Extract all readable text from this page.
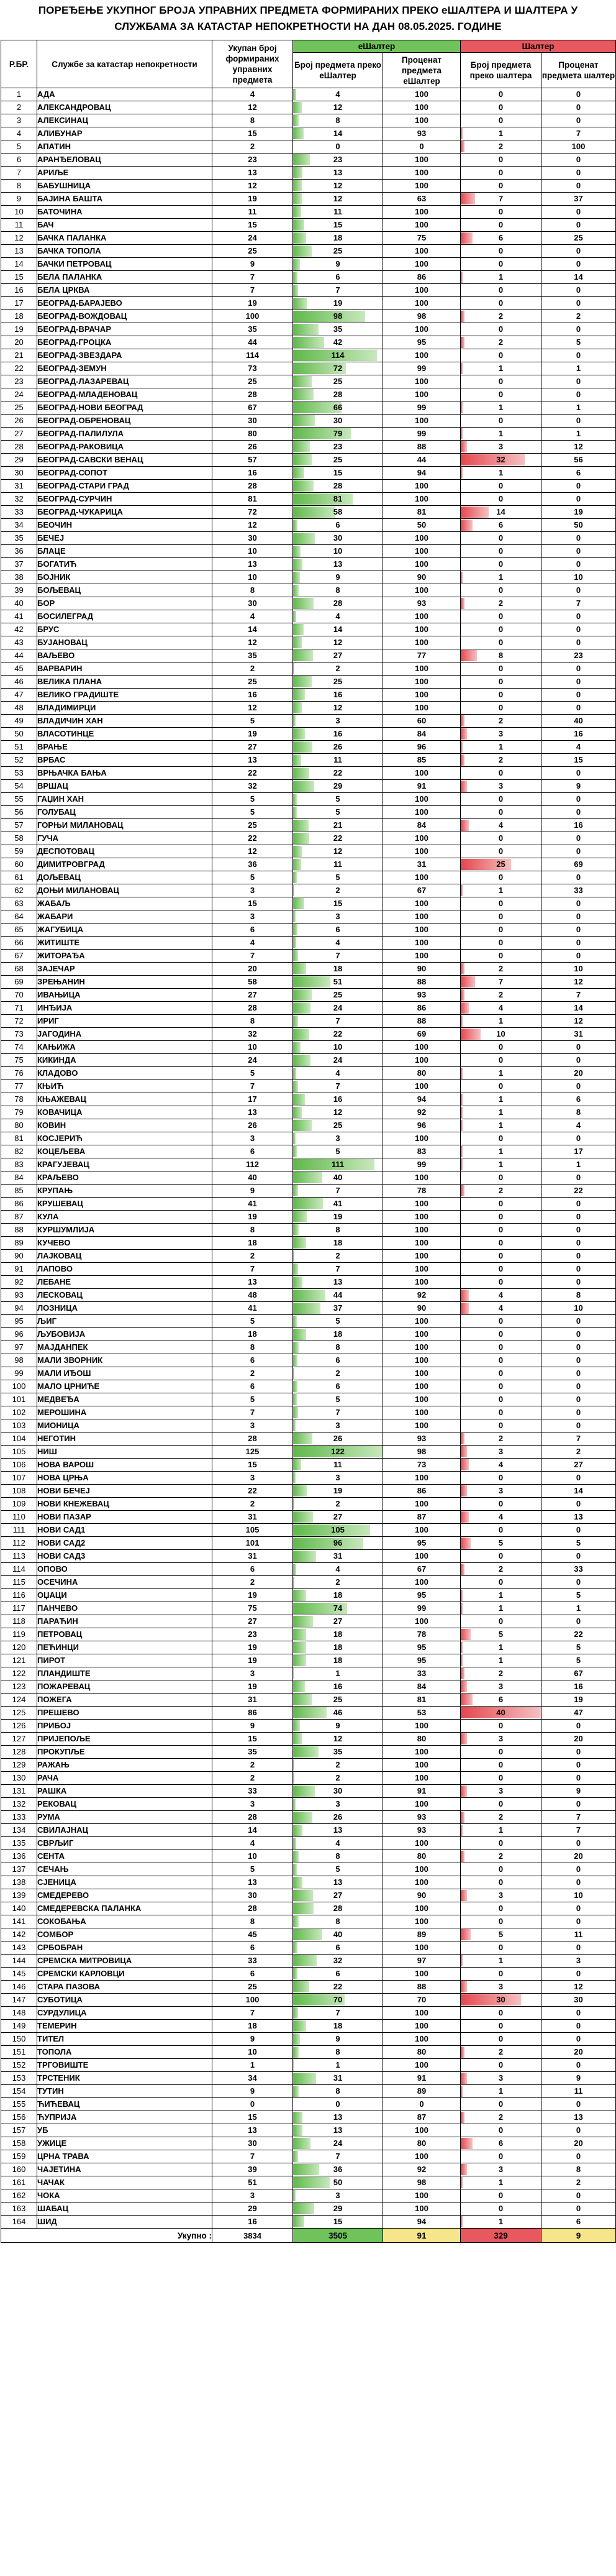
ПОРЕЂЕЊЕ УКУПНОГ БРОЈА УПРАВНИХ ПРЕДМЕТА ФОРМИРАНИХ ПРЕКО еШАЛТЕРА И ШАЛТЕРА У СЛУЖБАМА ЗА КАТАСТАР НЕПОКРЕТНОСТИ НА ДАН 08.05.2025. ГОДИНЕ
Р.БР.	Службе за катастар непокретности	Укупан број формираних управних предмета	еШалтер		Шалтер	
			Број предмета преко еШалтер	Проценат предмета еШалтер	Број предмета преко шалтера	Проценат предмета шалтер
1	АДА	4	4	100	0	0
2	АЛЕКСАНДРОВАЦ	12	12	100	0	0
3	АЛЕКСИНАЦ	8	8	100	0	0
4	АЛИБУНАР	15	14	93	1	7
5	АПАТИН	2	0	0	2	100
6	АРАНЂЕЛОВАЦ	23	23	100	0	0
7	АРИЉЕ	13	13	100	0	0
8	БАБУШНИЦА	12	12	100	0	0
9	БАЈИНА БАШТА	19	12	63	7	37
10	БАТОЧИНА	11	11	100	0	0
11	БАЧ	15	15	100	0	0
12	БАЧКА ПАЛАНКА	24	18	75	6	25
13	БАЧКА ТОПОЛА	25	25	100	0	0
14	БАЧКИ ПЕТРОВАЦ	9	9	100	0	0
15	БЕЛА ПАЛАНКА	7	6	86	1	14
16	БЕЛА ЦРКВА	7	7	100	0	0
17	БЕОГРАД-БАРАЈЕВО	19	19	100	0	0
18	БЕОГРАД-ВОЖДОВАЦ	100	98	98	2	2
19	БЕОГРАД-ВРАЧАР	35	35	100	0	0
20	БЕОГРАД-ГРОЦКА	44	42	95	2	5
21	БЕОГРАД-ЗВЕЗДАРА	114	114	100	0	0
22	БЕОГРАД-ЗЕМУН	73	72	99	1	1
23	БЕОГРАД-ЛАЗАРЕВАЦ	25	25	100	0	0
24	БЕОГРАД-МЛАДЕНОВАЦ	28	28	100	0	0
25	БЕОГРАД-НОВИ БЕОГРАД	67	66	99	1	1
26	БЕОГРАД-ОБРЕНОВАЦ	30	30	100	0	0
27	БЕОГРАД-ПАЛИЛУЛА	80	79	99	1	1
28	БЕОГРАД-РАКОВИЦА	26	23	88	3	12
29	БЕОГРАД-САВСКИ ВЕНАЦ	57	25	44	32	56
30	БЕОГРАД-СОПОТ	16	15	94	1	6
31	БЕОГРАД-СТАРИ ГРАД	28	28	100	0	0
32	БЕОГРАД-СУРЧИН	81	81	100	0	0
33	БЕОГРАД-ЧУКАРИЦА	72	58	81	14	19
34	БЕОЧИН	12	6	50	6	50
35	БЕЧЕЈ	30	30	100	0	0
36	БЛАЦЕ	10	10	100	0	0
37	БОГАТИЋ	13	13	100	0	0
38	БОЈНИК	10	9	90	1	10
39	БОЉЕВАЦ	8	8	100	0	0
40	БОР	30	28	93	2	7
41	БОСИЛЕГРАД	4	4	100	0	0
42	БРУС	14	14	100	0	0
43	БУЈАНОВАЦ	12	12	100	0	0
44	ВАЉЕВО	35	27	77	8	23
45	ВАРВАРИН	2	2	100	0	0
46	ВЕЛИКА ПЛАНА	25	25	100	0	0
47	ВЕЛИКО ГРАДИШТЕ	16	16	100	0	0
48	ВЛАДИМИРЦИ	12	12	100	0	0
49	ВЛАДИЧИН ХАН	5	3	60	2	40
50	ВЛАСОТИНЦЕ	19	16	84	3	16
51	ВРАЊЕ	27	26	96	1	4
52	ВРБАС	13	11	85	2	15
53	ВРЊАЧКА БАЊА	22	22	100	0	0
54	ВРШАЦ	32	29	91	3	9
55	ГАЏИН ХАН	5	5	100	0	0
56	ГОЛУБАЦ	5	5	100	0	0
57	ГОРЊИ МИЛАНОВАЦ	25	21	84	4	16
58	ГУЧА	22	22	100	0	0
59	ДЕСПОТОВАЦ	12	12	100	0	0
60	ДИМИТРОВГРАД	36	11	31	25	69
61	ДОЉЕВАЦ	5	5	100	0	0
62	ДОЊИ МИЛАНОВАЦ	3	2	67	1	33
63	ЖАБАЉ	15	15	100	0	0
64	ЖАБАРИ	3	3	100	0	0
65	ЖАГУБИЦА	6	6	100	0	0
66	ЖИТИШТЕ	4	4	100	0	0
67	ЖИТОРАЂА	7	7	100	0	0
68	ЗАЈЕЧАР	20	18	90	2	10
69	ЗРЕЊАНИН	58	51	88	7	12
70	ИВАЊИЦА	27	25	93	2	7
71	ИНЂИЈА	28	24	86	4	14
72	ИРИГ	8	7	88	1	12
73	ЈАГОДИНА	32	22	69	10	31
74	КАЊИЖА	10	10	100	0	0
75	КИКИНДА	24	24	100	0	0
76	КЛАДОВО	5	4	80	1	20
77	КЊИЋ	7	7	100	0	0
78	КЊАЖЕВАЦ	17	16	94	1	6
79	КОВАЧИЦА	13	12	92	1	8
80	КОВИН	26	25	96	1	4
81	КОСЈЕРИЋ	3	3	100	0	0
82	КОЦЕЉЕВА	6	5	83	1	17
83	КРАГУЈЕВАЦ	112	111	99	1	1
84	КРАЉЕВО	40	40	100	0	0
85	КРУПАЊ	9	7	78	2	22
86	КРУШЕВАЦ	41	41	100	0	0
87	КУЛА	19	19	100	0	0
88	КУРШУМЛИЈА	8	8	100	0	0
89	КУЧЕВО	18	18	100	0	0
90	ЛАЈКОВАЦ	2	2	100	0	0
91	ЛАПОВО	7	7	100	0	0
92	ЛЕБАНЕ	13	13	100	0	0
93	ЛЕСКОВАЦ	48	44	92	4	8
94	ЛОЗНИЦА	41	37	90	4	10
95	ЉИГ	5	5	100	0	0
96	ЉУБОВИЈА	18	18	100	0	0
97	МАЈДАНПЕК	8	8	100	0	0
98	МАЛИ ЗВОРНИК	6	6	100	0	0
99	МАЛИ ИЂОШ	2	2	100	0	0
100	МАЛО ЦРНИЋЕ	6	6	100	0	0
101	МЕДВЕЂА	5	5	100	0	0
102	МЕРОШИНА	7	7	100	0	0
103	МИОНИЦА	3	3	100	0	0
104	НЕГОТИН	28	26	93	2	7
105	НИШ	125	122	98	3	2
106	НОВА ВАРОШ	15	11	73	4	27
107	НОВА ЦРЊА	3	3	100	0	0
108	НОВИ БЕЧЕЈ	22	19	86	3	14
109	НОВИ КНЕЖЕВАЦ	2	2	100	0	0
110	НОВИ ПАЗАР	31	27	87	4	13
111	НОВИ САД1	105	105	100	0	0
112	НОВИ САД2	101	96	95	5	5
113	НОВИ САД3	31	31	100	0	0
114	ОПОВО	6	4	67	2	33
115	ОСЕЧИНА	2	2	100	0	0
116	ОЏАЦИ	19	18	95	1	5
117	ПАНЧЕВО	75	74	99	1	1
118	ПАРАЋИН	27	27	100	0	0
119	ПЕТРОВАЦ	23	18	78	5	22
120	ПЕЋИНЦИ	19	18	95	1	5
121	ПИРОТ	19	18	95	1	5
122	ПЛАНДИШТЕ	3	1	33	2	67
123	ПОЖАРЕВАЦ	19	16	84	3	16
124	ПОЖЕГА	31	25	81	6	19
125	ПРЕШЕВО	86	46	53	40	47
126	ПРИБОЈ	9	9	100	0	0
127	ПРИЈЕПОЉЕ	15	12	80	3	20
128	ПРОКУПЉЕ	35	35	100	0	0
129	РАЖАЊ	2	2	100	0	0
130	РАЧА	2	2	100	0	0
131	РАШКА	33	30	91	3	9
132	РЕКОВАЦ	3	3	100	0	0
133	РУМА	28	26	93	2	7
134	СВИЛАЈНАЦ	14	13	93	1	7
135	СВРЉИГ	4	4	100	0	0
136	СЕНТА	10	8	80	2	20
137	СЕЧАЊ	5	5	100	0	0
138	СЈЕНИЦА	13	13	100	0	0
139	СМЕДЕРЕВО	30	27	90	3	10
140	СМЕДЕРЕВСКА ПАЛАНКА	28	28	100	0	0
141	СОКОБАЊА	8	8	100	0	0
142	СОМБОР	45	40	89	5	11
143	СРБОБРАН	6	6	100	0	0
144	СРЕМСКА МИТРОВИЦА	33	32	97	1	3
145	СРЕМСКИ КАРЛОВЦИ	6	6	100	0	0
146	СТАРА ПАЗОВА	25	22	88	3	12
147	СУБОТИЦА	100	70	70	30	30
148	СУРДУЛИЦА	7	7	100	0	0
149	ТЕМЕРИН	18	18	100	0	0
150	ТИТЕЛ	9	9	100	0	0
151	ТОПОЛА	10	8	80	2	20
152	ТРГОВИШТЕ	1	1	100	0	0
153	ТРСТЕНИК	34	31	91	3	9
154	ТУТИН	9	8	89	1	11
155	ЋИЋЕВАЦ	0	0	0	0	0
156	ЋУПРИЈА	15	13	87	2	13
157	УБ	13	13	100	0	0
158	УЖИЦЕ	30	24	80	6	20
159	ЦРНА ТРАВА	7	7	100	0	0
160	ЧАЈЕТИНА	39	36	92	3	8
161	ЧАЧАК	51	50	98	1	2
162	ЧОКА	3	3	100	0	0
163	ШАБАЦ	29	29	100	0	0
164	ШИД	16	15	94	1	6
Укупно :		3834	3505	91	329	9
